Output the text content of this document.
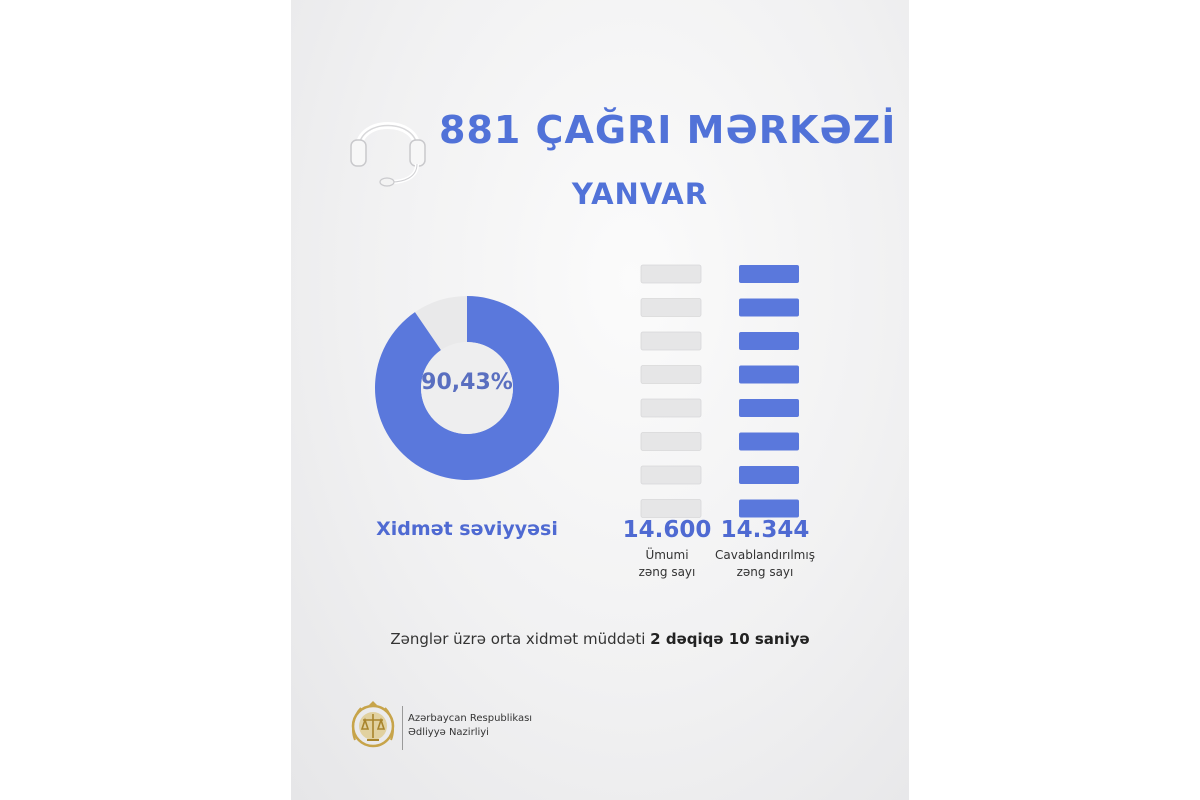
881 ÇAĞRI MƏRKƏZİ
YANVAR
90,43%
Xidmət səviyyəsi	14.600
Ümumi
zəng sayı
14.344
Cavablandırılmış
zəng sayı
Zənglər üzrə orta xidmət müddəti 2 dəqiqə 10 saniyə
Azərbaycan Respublikası
Ədliyyə Nazirliyi
